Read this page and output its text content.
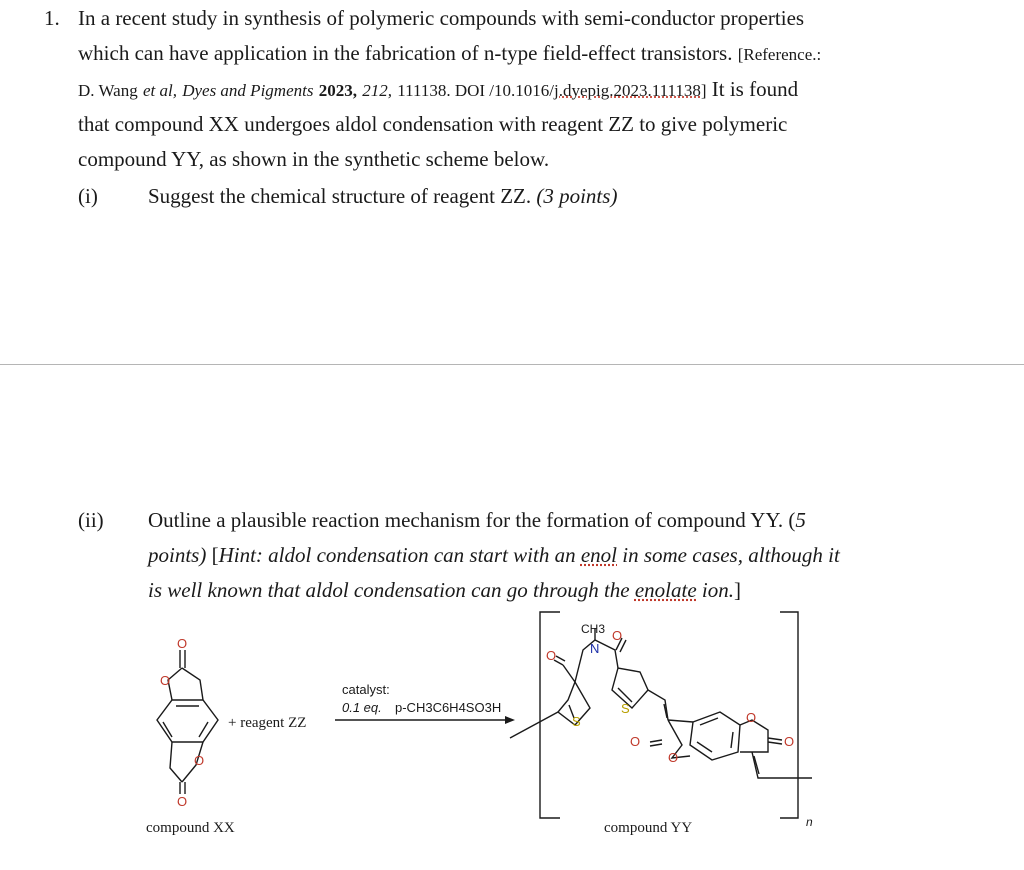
1. In a recent study in synthesis of polymeric compounds with semi-conductor properties
which can have application in the fabrication of n-type field-effect transistors. [Reference.:
D. Wang et al, Dyes and Pigments 2023, 212, 111138. DOI /10.1016/j.dyepig.2023.111138] It is found
that compound XX undergoes aldol condensation with reagent ZZ to give polymeric
compound YY, as shown in the synthetic scheme below.
(i) Suggest the chemical structure of reagent ZZ. (3 points)
(ii) Outline a plausible reaction mechanism for the formation of compound YY. (5
points) [Hint: aldol condensation can start with an enol in some cases, although it
is well known that aldol condensation can go through the enolate ion.]
O
O
O
O
+ reagent ZZ
catalyst:
0.1 eq. p-CH3C6H4SO3H
O
CH3
N
O
S
S
O
O
O
O
n
compound XX	compound YY
